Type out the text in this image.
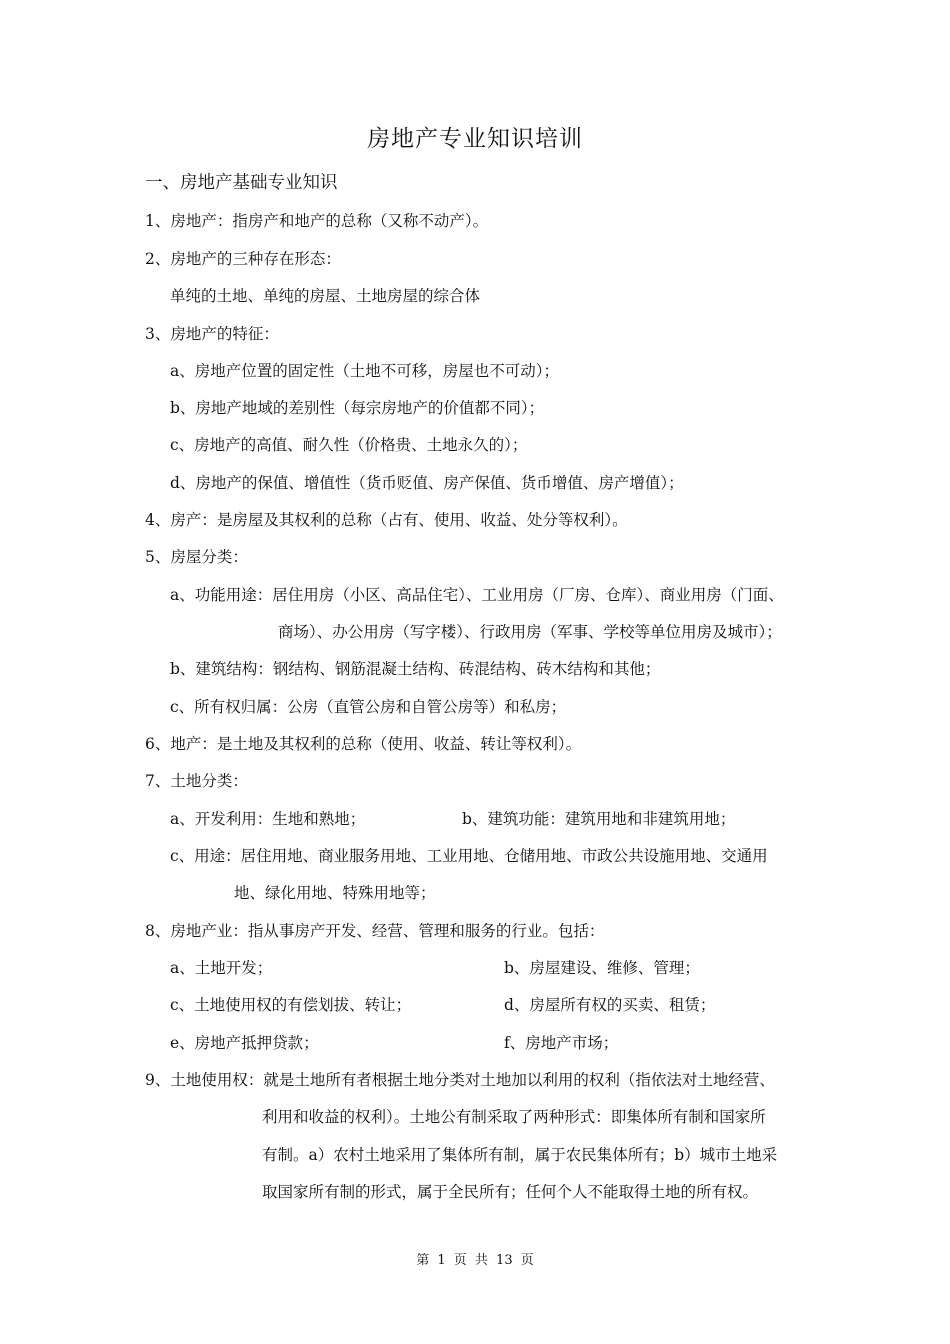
房地产专业知识培训
一、房地产基础专业知识
1、房地产：指房产和地产的总称（又称不动产）。
2、房地产的三种存在形态：
单纯的土地、单纯的房屋、土地房屋的综合体
3、房地产的特征：
a、房地产位置的固定性（土地不可移，房屋也不可动）；
b、房地产地域的差别性（每宗房地产的价值都不同）；
c、房地产的高值、耐久性（价格贵、土地永久的）；
d、房地产的保值、增值性（货币贬值、房产保值、货币增值、房产增值）；
4、房产：是房屋及其权利的总称（占有、使用、收益、处分等权利）。
5、房屋分类：
a、功能用途：居住用房（小区、高品住宅）、工业用房（厂房、仓库）、商业用房（门面、
商场）、办公用房（写字楼）、行政用房（军事、学校等单位用房及城市）；
b、建筑结构：钢结构、钢筋混凝土结构、砖混结构、砖木结构和其他；
c、所有权归属：公房（直管公房和自管公房等）和私房；
6、地产：是土地及其权利的总称（使用、收益、转让等权利）。
7、土地分类：
a、开发利用：生地和熟地；	b、建筑功能：建筑用地和非建筑用地；
c、用途：居住用地、商业服务用地、工业用地、仓储用地、市政公共设施用地、交通用
地、绿化用地、特殊用地等；
8、房地产业：指从事房产开发、经营、管理和服务的行业。包括：
a、土地开发；	b、房屋建设、维修、管理；
c、土地使用权的有偿划拔、转让；	d、房屋所有权的买卖、租赁；
e、房地产抵押贷款；	f、房地产市场；
9、土地使用权：就是土地所有者根据土地分类对土地加以利用的权利（指依法对土地经营、
利用和收益的权利）。土地公有制采取了两种形式：即集体所有制和国家所
有制。a）农村土地采用了集体所有制，属于农民集体所有；b）城市土地采
取国家所有制的形式，属于全民所有；任何个人不能取得土地的所有权。
第 1 页 共 13 页
